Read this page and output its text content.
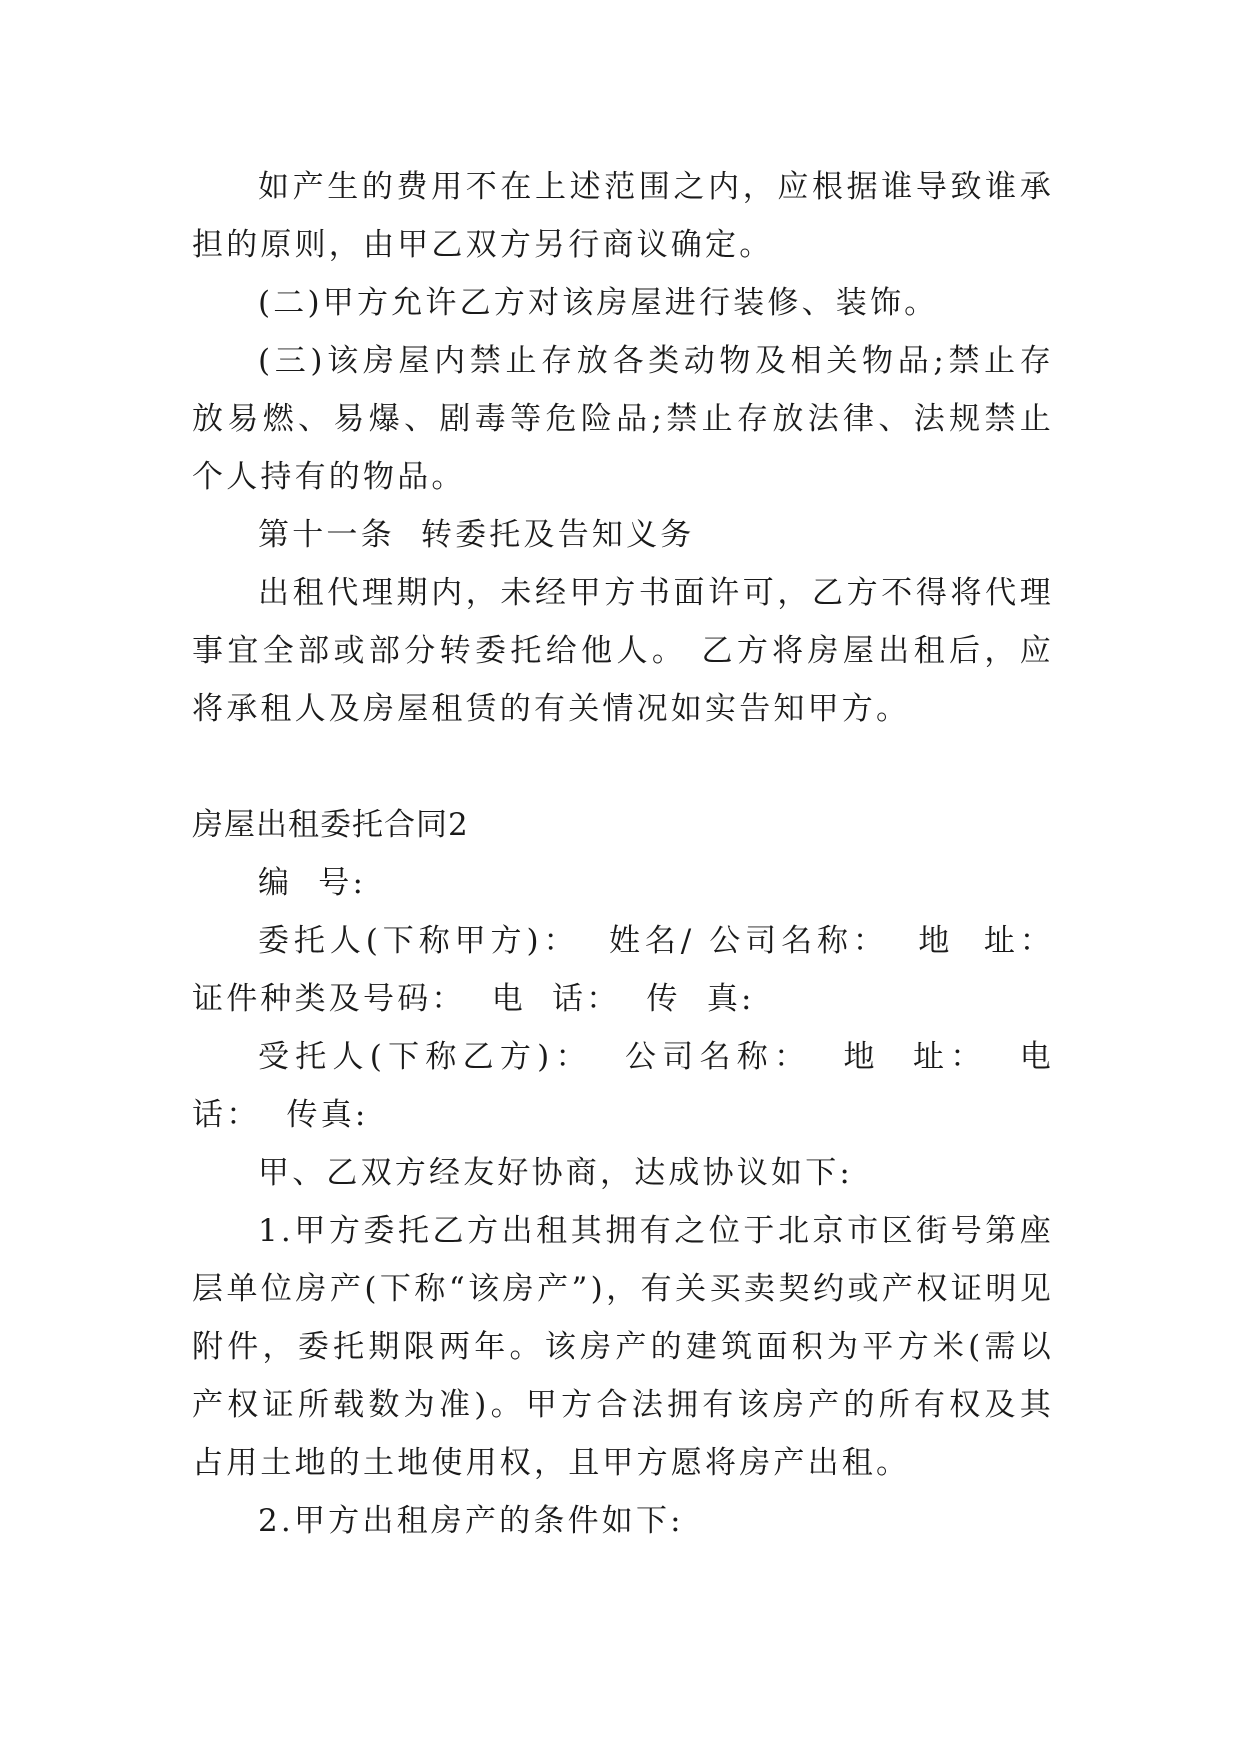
如产生的费用不在上述范围之内，应根据谁导致谁承担的原则，由甲乙双方另行商议确定。

(二)甲方允许乙方对该房屋进行装修、装饰。

(三)该房屋内禁止存放各类动物及相关物品;禁止存放易燃、易爆、剧毒等危险品;禁止存放法律、法规禁止个人持有的物品。

第十一条  转委托及告知义务

出租代理期内，未经甲方书面许可，乙方不得将代理事宜全部或部分转委托给他人。 乙方将房屋出租后，应将承租人及房屋租赁的有关情况如实告知甲方。

房屋出租委托合同2

编  号:

委托人(下称甲方)：  姓名/ 公司名称：  地  址：  证件种类及号码：  电  话：  传  真:

受托人(下称乙方)：  公司名称：  地  址：  电  话：  传真:

甲、乙双方经友好协商，达成协议如下:

1.甲方委托乙方出租其拥有之位于北京市区街号第座层单位房产(下称“该房产”)，有关买卖契约或产权证明见附件，委托期限两年。该房产的建筑面积为平方米(需以产权证所载数为准)。甲方合法拥有该房产的所有权及其占用土地的土地使用权，且甲方愿将房产出租。

2.甲方出租房产的条件如下:
